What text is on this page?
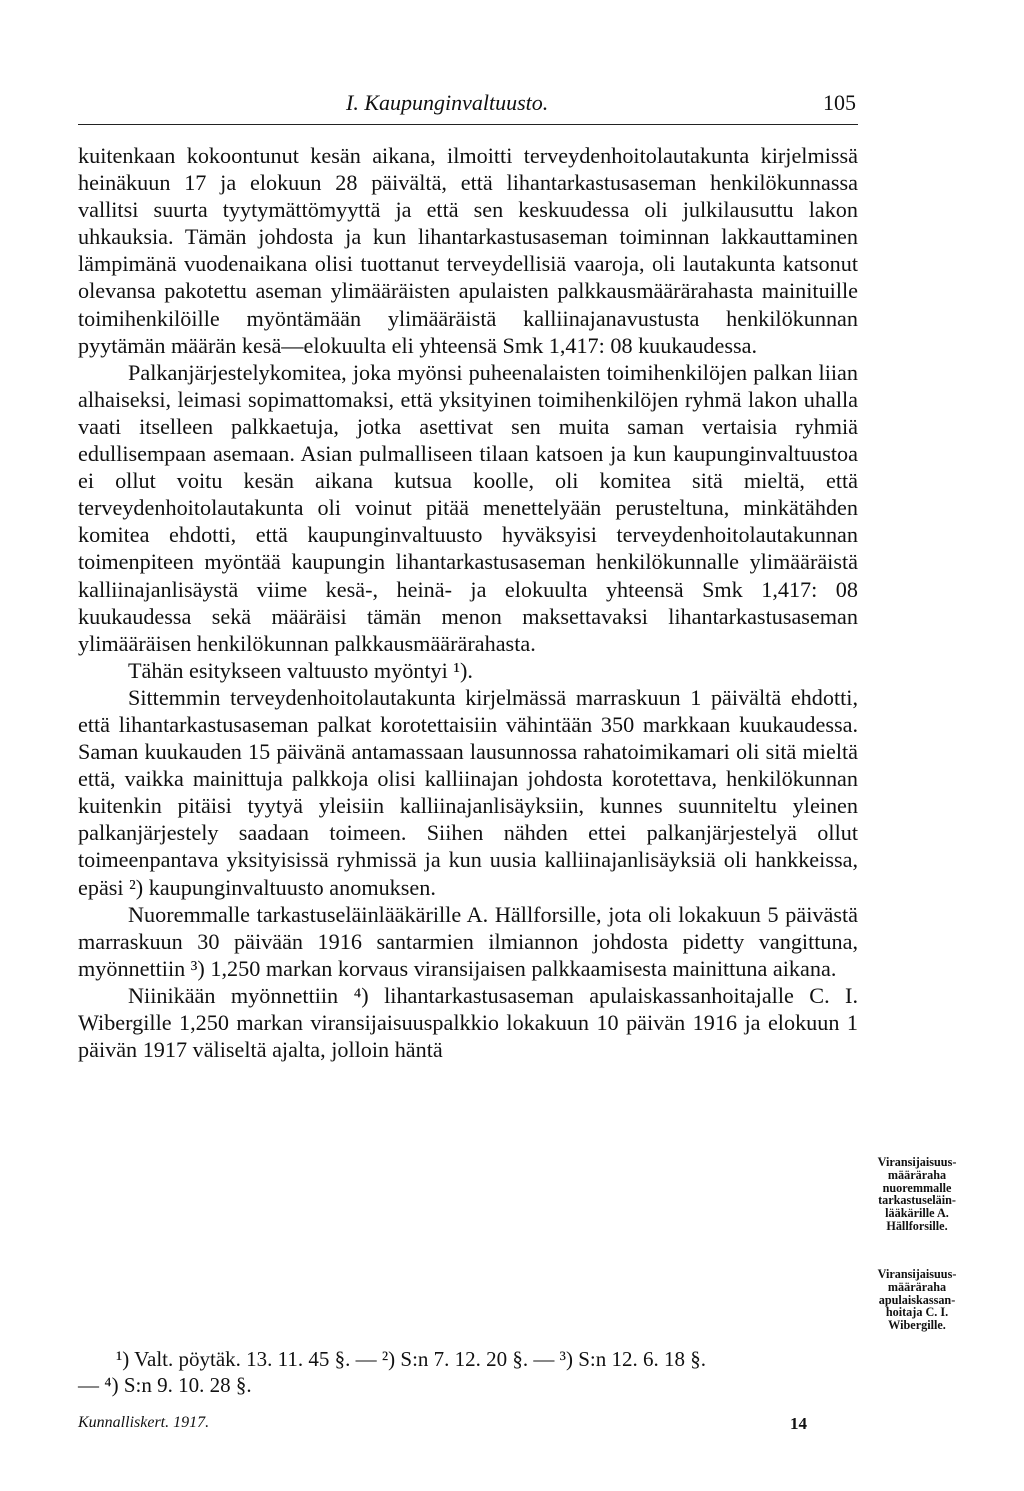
I. Kaupunginvaltuusto.	105

kuitenkaan kokoontunut kesän aikana, ilmoitti terveydenhoitolautakunta kirjelmissä heinäkuun 17 ja elokuun 28 päivältä, että lihantarkastusaseman henkilökunnassa vallitsi suurta tyytymättömyyttä ja että sen keskuudessa oli julkilausuttu lakon uhkauksia. Tämän johdosta ja kun lihantarkastusaseman toiminnan lakkauttaminen lämpimänä vuodenaikana olisi tuottanut terveydellisiä vaaroja, oli lautakunta katsonut olevansa pakotettu aseman ylimääräisten apulaisten palkkausmäärärahasta mainituille toimihenkilöille myöntämään ylimääräistä kalliinajanavustusta henkilökunnan pyytämän määrän kesä—elokuulta eli yhteensä Smk 1,417: 08 kuukaudessa.

Palkanjärjestelykomitea, joka myönsi puheenalaisten toimihenkilöjen palkan liian alhaiseksi, leimasi sopimattomaksi, että yksityinen toimihenkilöjen ryhmä lakon uhalla vaati itselleen palkkaetuja, jotka asettivat sen muita saman vertaisia ryhmiä edullisempaan asemaan. Asian pulmalliseen tilaan katsoen ja kun kaupunginvaltuustoa ei ollut voitu kesän aikana kutsua koolle, oli komitea sitä mieltä, että terveydenhoitolautakunta oli voinut pitää menettelyään perusteltuna, minkätähden komitea ehdotti, että kaupunginvaltuusto hyväksyisi terveydenhoitolautakunnan toimenpiteen myöntää kaupungin lihantarkastusaseman henkilökunnalle ylimääräistä kalliinajanlisäystä viime kesä-, heinä- ja elokuulta yhteensä Smk 1,417: 08 kuukaudessa sekä määräisi tämän menon maksettavaksi lihantarkastusaseman ylimääräisen henkilökunnan palkkausmäärärahasta.

Tähän esitykseen valtuusto myöntyi ¹).

Sittemmin terveydenhoitolautakunta kirjelmässä marraskuun 1 päivältä ehdotti, että lihantarkastusaseman palkat korotettaisiin vähintään 350 markkaan kuukaudessa. Saman kuukauden 15 päivänä antamassaan lausunnossa rahatoimikamari oli sitä mieltä että, vaikka mainittuja palkkoja olisi kalliinajan johdosta korotettava, henkilökunnan kuitenkin pitäisi tyytyä yleisiin kalliinajanlisäyksiin, kunnes suunniteltu yleinen palkanjärjestely saadaan toimeen. Siihen nähden ettei palkanjärjestelyä ollut toimeenpantava yksityisissä ryhmissä ja kun uusia kalliinajanlisäyksiä oli hankkeissa, epäsi ²) kaupunginvaltuusto anomuksen.

Nuoremmalle tarkastuseläinlääkärille A. Hällforsille, jota oli lokakuun 5 päivästä marraskuun 30 päivään 1916 santarmien ilmiannon johdosta pidetty vangittuna, myönnettiin ³) 1,250 markan korvaus viransijaisen palkkaamisesta mainittuna aikana.

Niinikään myönnettiin ⁴) lihantarkastusaseman apulaiskassanhoitajalle C. I. Wibergille 1,250 markan viransijaisuuspalkkio lokakuun 10 päivän 1916 ja elokuun 1 päivän 1917 väliseltä ajalta, jolloin häntä

Viransijaisuus-
määräraha
nuoremmalle
tarkastuseläin-
lääkärille A.
Hällforsille.
Viransijaisuus-
määräraha
apulaiskassan-
hoitaja C. I.
Wibergille.
¹) Valt. pöytäk. 13. 11. 45 §. — ²) S:n 7. 12. 20 §. — ³) S:n 12. 6. 18 §.
— ⁴) S:n 9. 10. 28 §.
Kunnalliskert. 1917.	14
